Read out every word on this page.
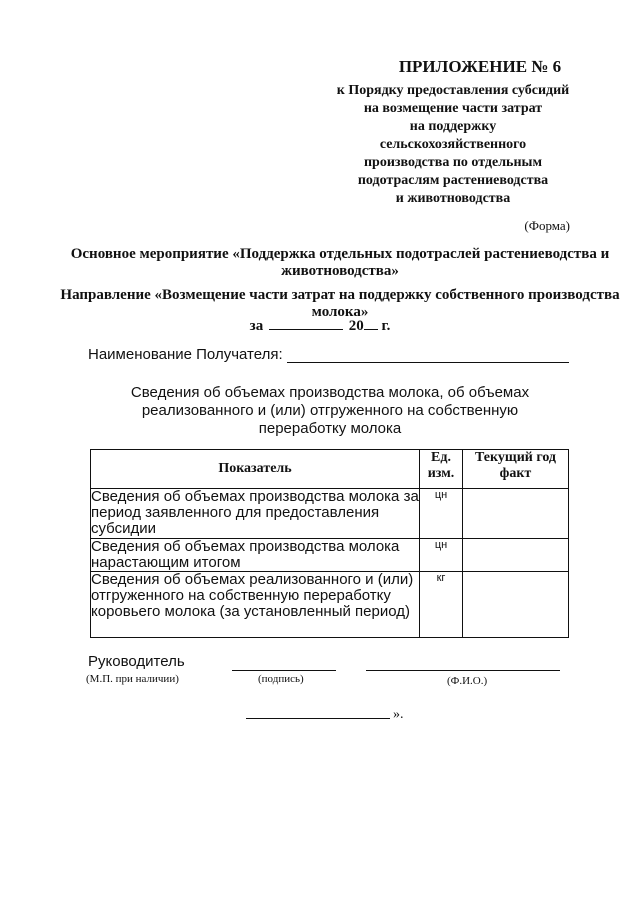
ПРИЛОЖЕНИЕ № 6
к Порядку предоставления субсидий
на возмещение части затрат
на поддержку
сельскохозяйственного
производства по отдельным
подотраслям растениеводства
и животноводства
(Форма)
Основное мероприятие «Поддержка отдельных подотраслей растениеводства и животноводства»
Направление «Возмещение части затрат на поддержку собственного производства молока»
за	20 г.
Наименование Получателя:
Сведения об объемах производства молока, об объемах реализованного и (или) отгруженного на собственную переработку молока
Показатель	Ед. изм.	Текущий год факт
Сведения об объемах производства молока за период заявленного для предоставления субсидии	цн	
Сведения об объемах производства молока нарастающим итогом	цн	
Сведения об объемах реализованного и (или) отгруженного на собственную переработку коровьего молока (за установленный период)	кг	
Руководитель
(М.П. при наличии)	(подпись)	(Ф.И.О.)
».
